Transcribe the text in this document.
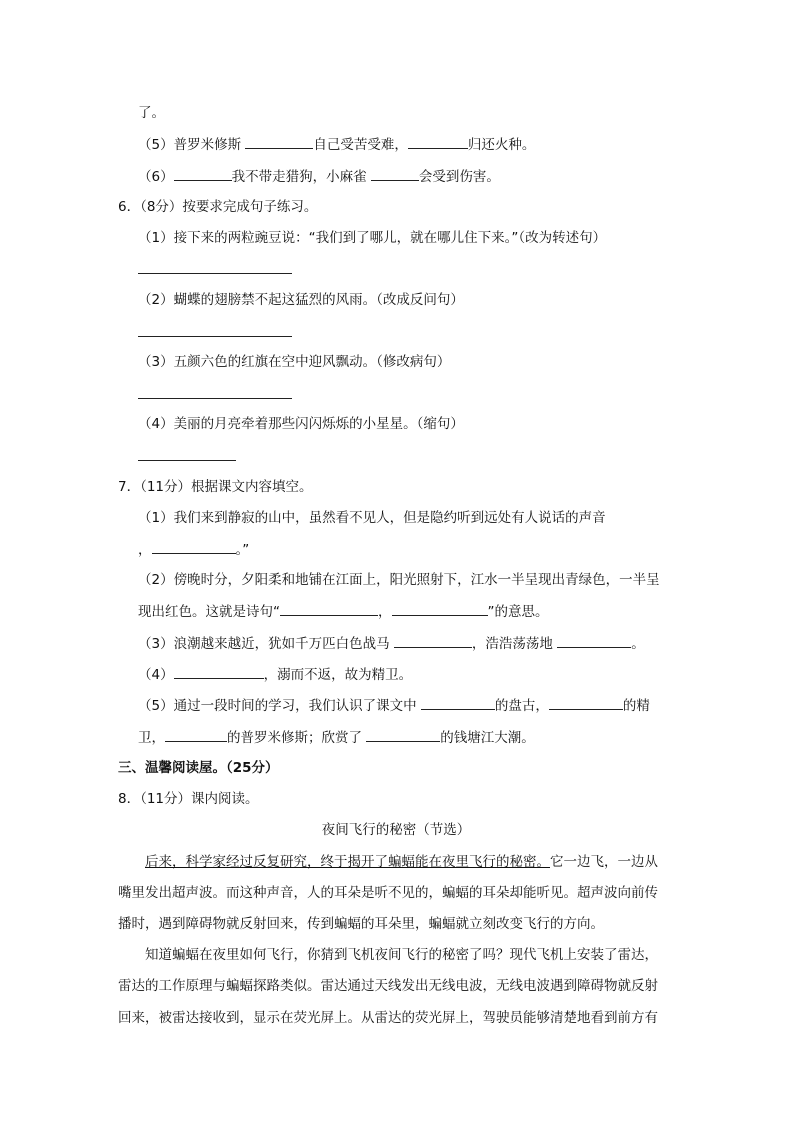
了。
（5）普罗米修斯	自己受苦受难，	归还火种。
（6）	我不带走猎狗，小麻雀	会受到伤害。
6．（8分）按要求完成句子练习。
（1）接下来的两粒豌豆说：“我们到了哪儿，就在哪儿住下来。”（改为转述句）
（2）蝴蝶的翅膀禁不起这猛烈的风雨。（改成反问句）
（3）五颜六色的红旗在空中迎风飘动。（修改病句）
（4）美丽的月亮牵着那些闪闪烁烁的小星星。（缩句）
7．（11分）根据课文内容填空。
（1）我们来到静寂的山中，虽然看不见人，但是隐约听到远处有人说话的声音
，	。”
（2）傍晚时分，夕阳柔和地铺在江面上，阳光照射下，江水一半呈现出青绿色，一半呈
现出红色。这就是诗句“	，	”的意思。
（3）浪潮越来越近，犹如千万匹白色战马	，浩浩荡荡地	。
（4）	，溺而不返，故为精卫。
（5）通过一段时间的学习，我们认识了课文中	的盘古，	的精
卫，	的普罗米修斯；欣赏了	的钱塘江大潮。
三、温馨阅读屋。（25分）
8．（11分）课内阅读。
夜间飞行的秘密（节选）
后来，科学家经过反复研究，终于揭开了蝙蝠能在夜里飞行的秘密。它一边飞，一边从
嘴里发出超声波。而这种声音，人的耳朵是听不见的，蝙蝠的耳朵却能听见。超声波向前传
播时，遇到障碍物就反射回来，传到蝙蝠的耳朵里，蝙蝠就立刻改变飞行的方向。
知道蝙蝠在夜里如何飞行，你猜到飞机夜间飞行的秘密了吗？现代飞机上安装了雷达，
雷达的工作原理与蝙蝠探路类似。雷达通过天线发出无线电波，无线电波遇到障碍物就反射
回来，被雷达接收到，显示在荧光屏上。从雷达的荧光屏上，驾驶员能够清楚地看到前方有
